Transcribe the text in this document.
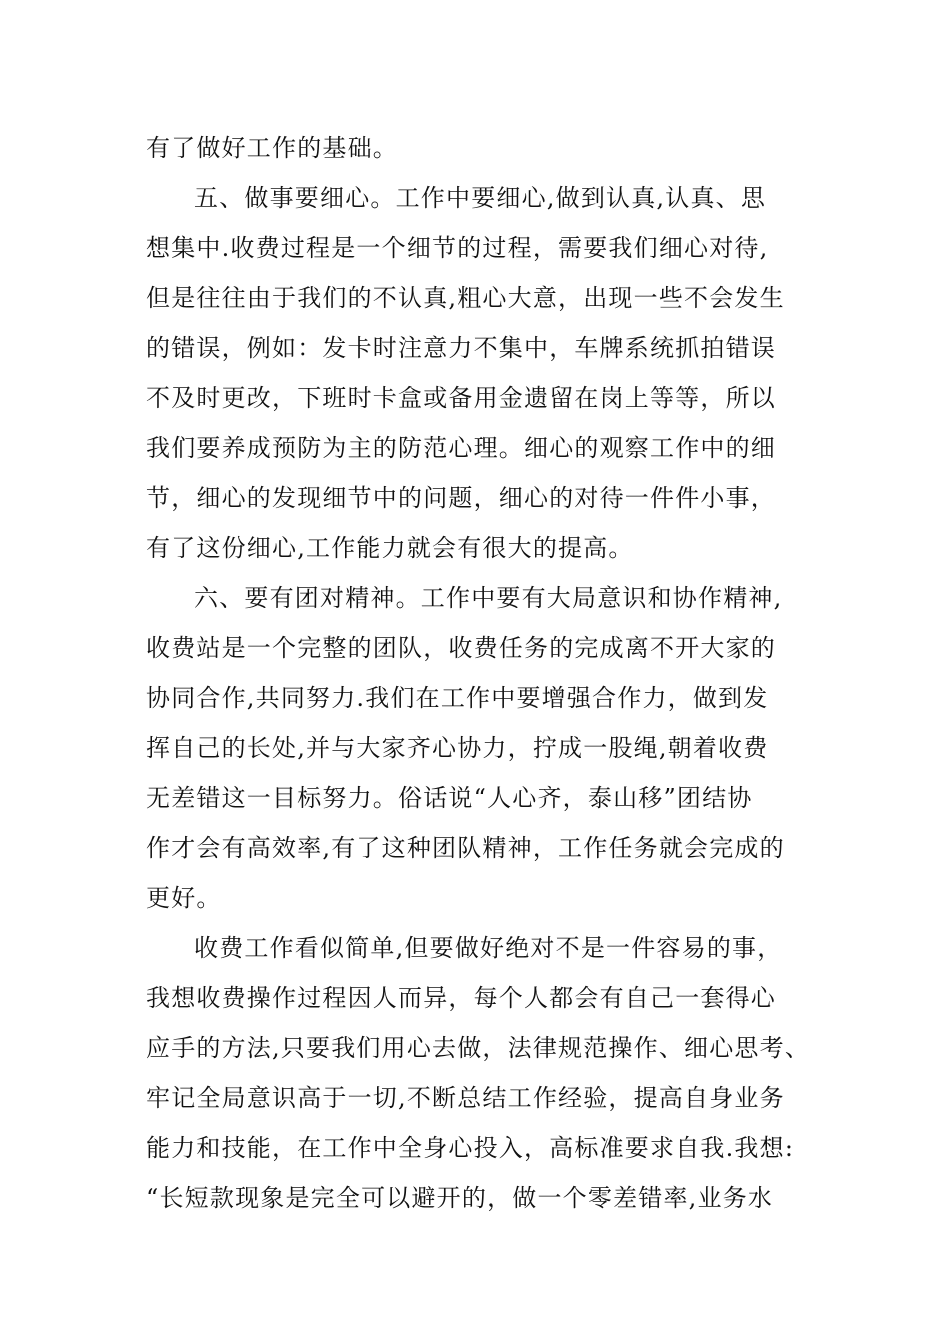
有了做好工作的基础。
五、做事要细心。工作中要细心,做到认真,认真、思
想集中.收费过程是一个细节的过程，需要我们细心对待,
但是往往由于我们的不认真,粗心大意，出现一些不会发生
的错误，例如：发卡时注意力不集中，车牌系统抓拍错误
不及时更改，下班时卡盒或备用金遗留在岗上等等，所以
我们要养成预防为主的防范心理。细心的观察工作中的细
节，细心的发现细节中的问题，细心的对待一件件小事，
有了这份细心,工作能力就会有很大的提高。
六、要有团对精神。工作中要有大局意识和协作精神,
收费站是一个完整的团队，收费任务的完成离不开大家的
协同合作,共同努力.我们在工作中要增强合作力，做到发
挥自己的长处,并与大家齐心协力，拧成一股绳,朝着收费
无差错这一目标努力。俗话说“人心齐，泰山移”团结协
作才会有高效率,有了这种团队精神，工作任务就会完成的
更好。
收费工作看似简单,但要做好绝对不是一件容易的事，
我想收费操作过程因人而异，每个人都会有自己一套得心
应手的方法,只要我们用心去做，法律规范操作、细心思考、
牢记全局意识高于一切,不断总结工作经验，提高自身业务
能力和技能，在工作中全身心投入，高标准要求自我.我想:
“长短款现象是完全可以避开的，做一个零差错率,业务水
